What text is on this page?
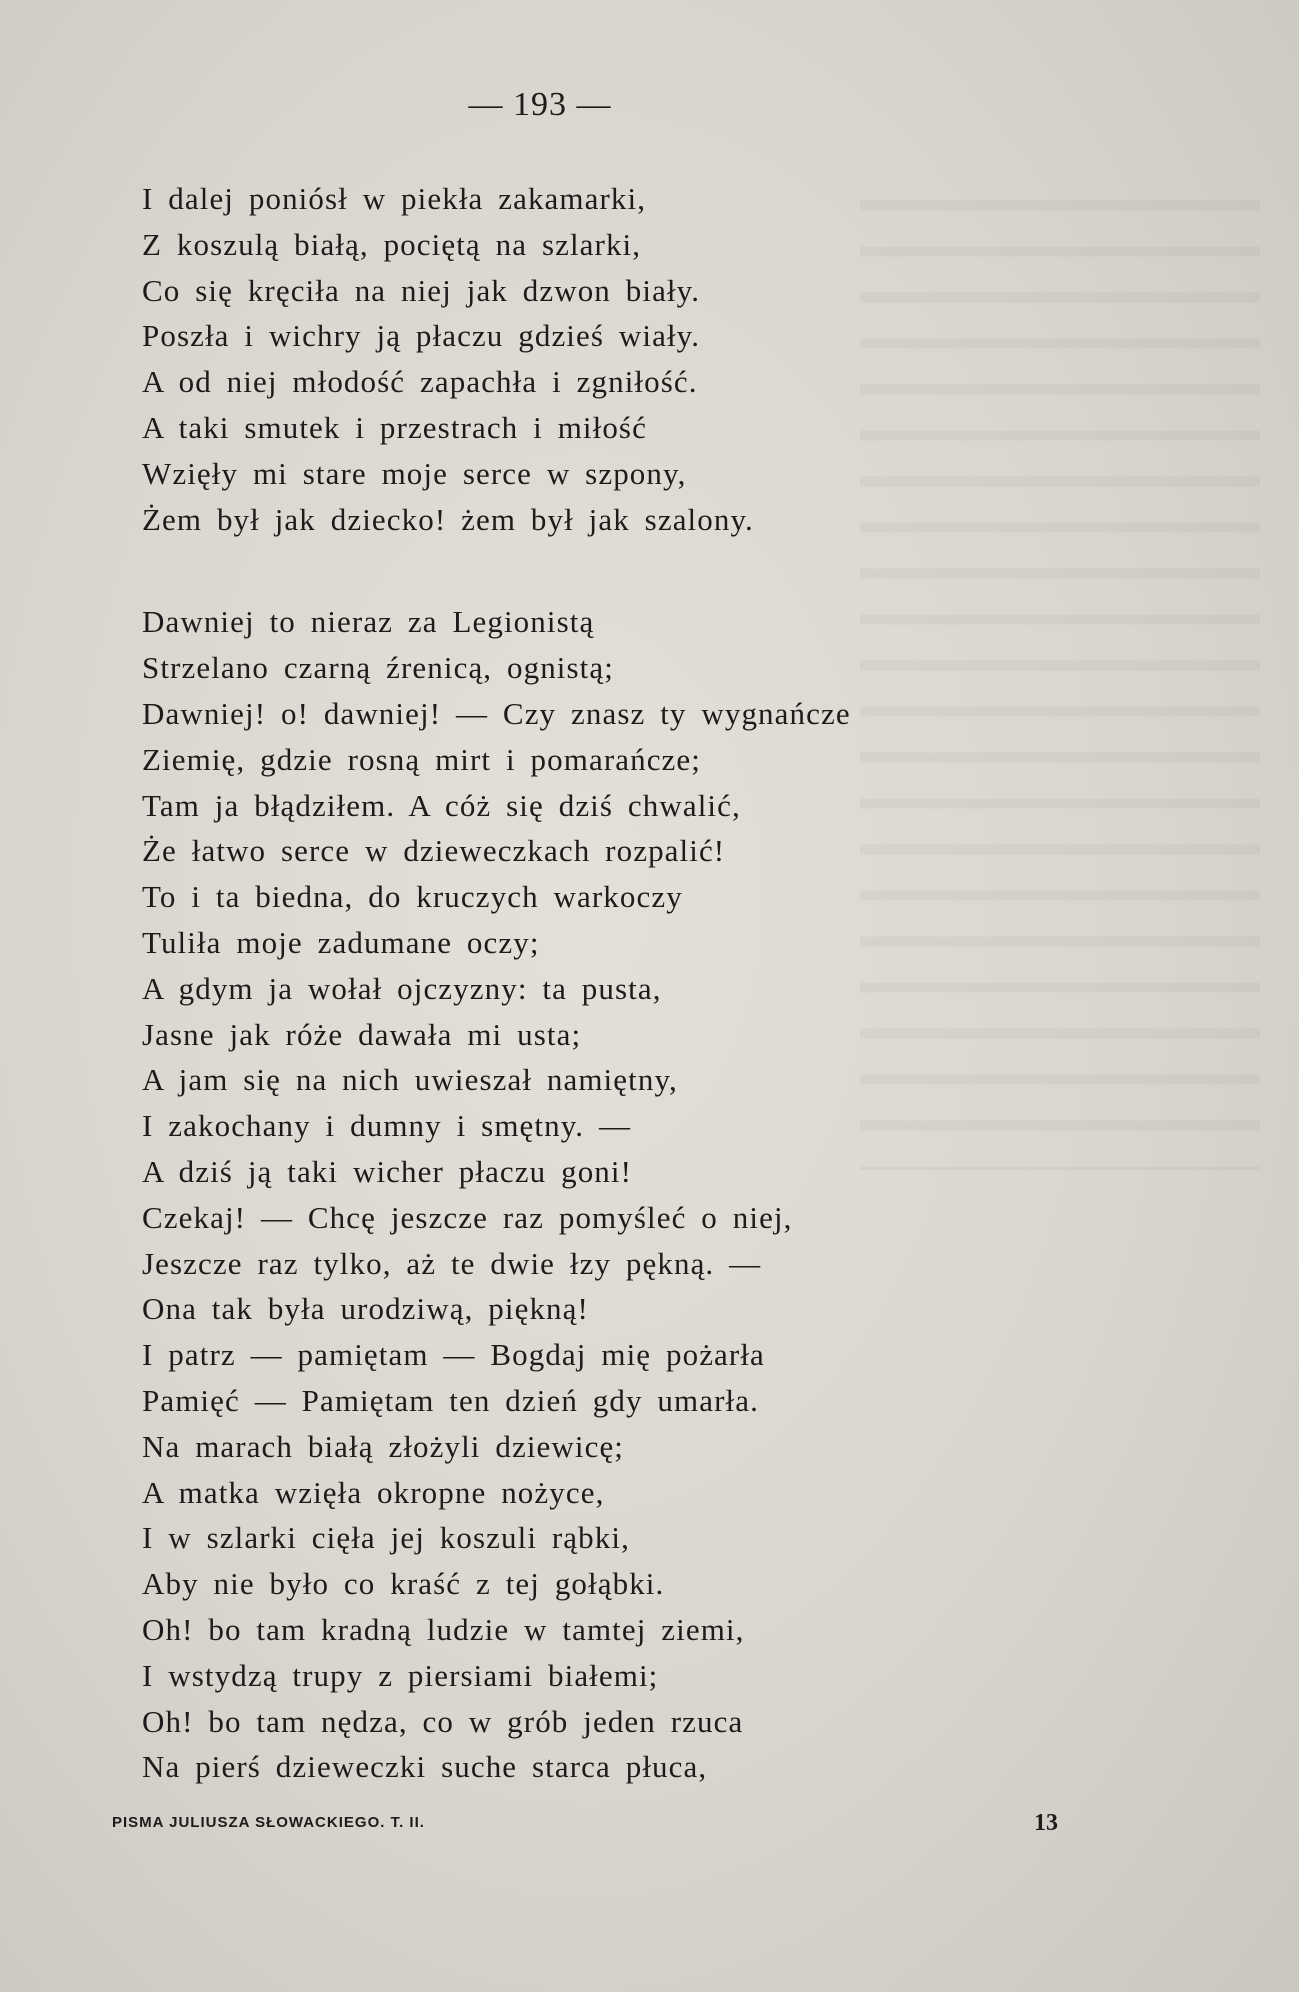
— 193 —
I dalej poniósł w piekła zakamarki,
Z koszulą białą, pociętą na szlarki,
Co się kręciła na niej jak dzwon biały.
Poszła i wichry ją płaczu gdzieś wiały.
A od niej młodość zapachła i zgniłość.
A taki smutek i przestrach i miłość
Wzięły mi stare moje serce w szpony,
Żem był jak dziecko! żem był jak szalony.
Dawniej to nieraz za Legionistą
Strzelano czarną źrenicą, ognistą;
Dawniej! o! dawniej! — Czy znasz ty wygnańcze
Ziemię, gdzie rosną mirt i pomarańcze;
Tam ja błądziłem. A cóż się dziś chwalić,
Że łatwo serce w dzieweczkach rozpalić!
To i ta biedna, do kruczych warkoczy
Tuliła moje zadumane oczy;
A gdym ja wołał ojczyzny: ta pusta,
Jasne jak róże dawała mi usta;
A jam się na nich uwieszał namiętny,
I zakochany i dumny i smętny. —
A dziś ją taki wicher płaczu goni!
Czekaj! — Chcę jeszcze raz pomyśleć o niej,
Jeszcze raz tylko, aż te dwie łzy pękną. —
Ona tak była urodziwą, piękną!
I patrz — pamiętam — Bogdaj mię pożarła
Pamięć — Pamiętam ten dzień gdy umarła.
Na marach białą złożyli dziewicę;
A matka wzięła okropne nożyce,
I w szlarki cięła jej koszuli rąbki,
Aby nie było co kraść z tej gołąbki.
Oh! bo tam kradną ludzie w tamtej ziemi,
I wstydzą trupy z piersiami białemi;
Oh! bo tam nędza, co w grób jeden rzuca
Na pierś dzieweczki suche starca płuca,
PISMA JULIUSZA SŁOWACKIEGO. T. II.	13
